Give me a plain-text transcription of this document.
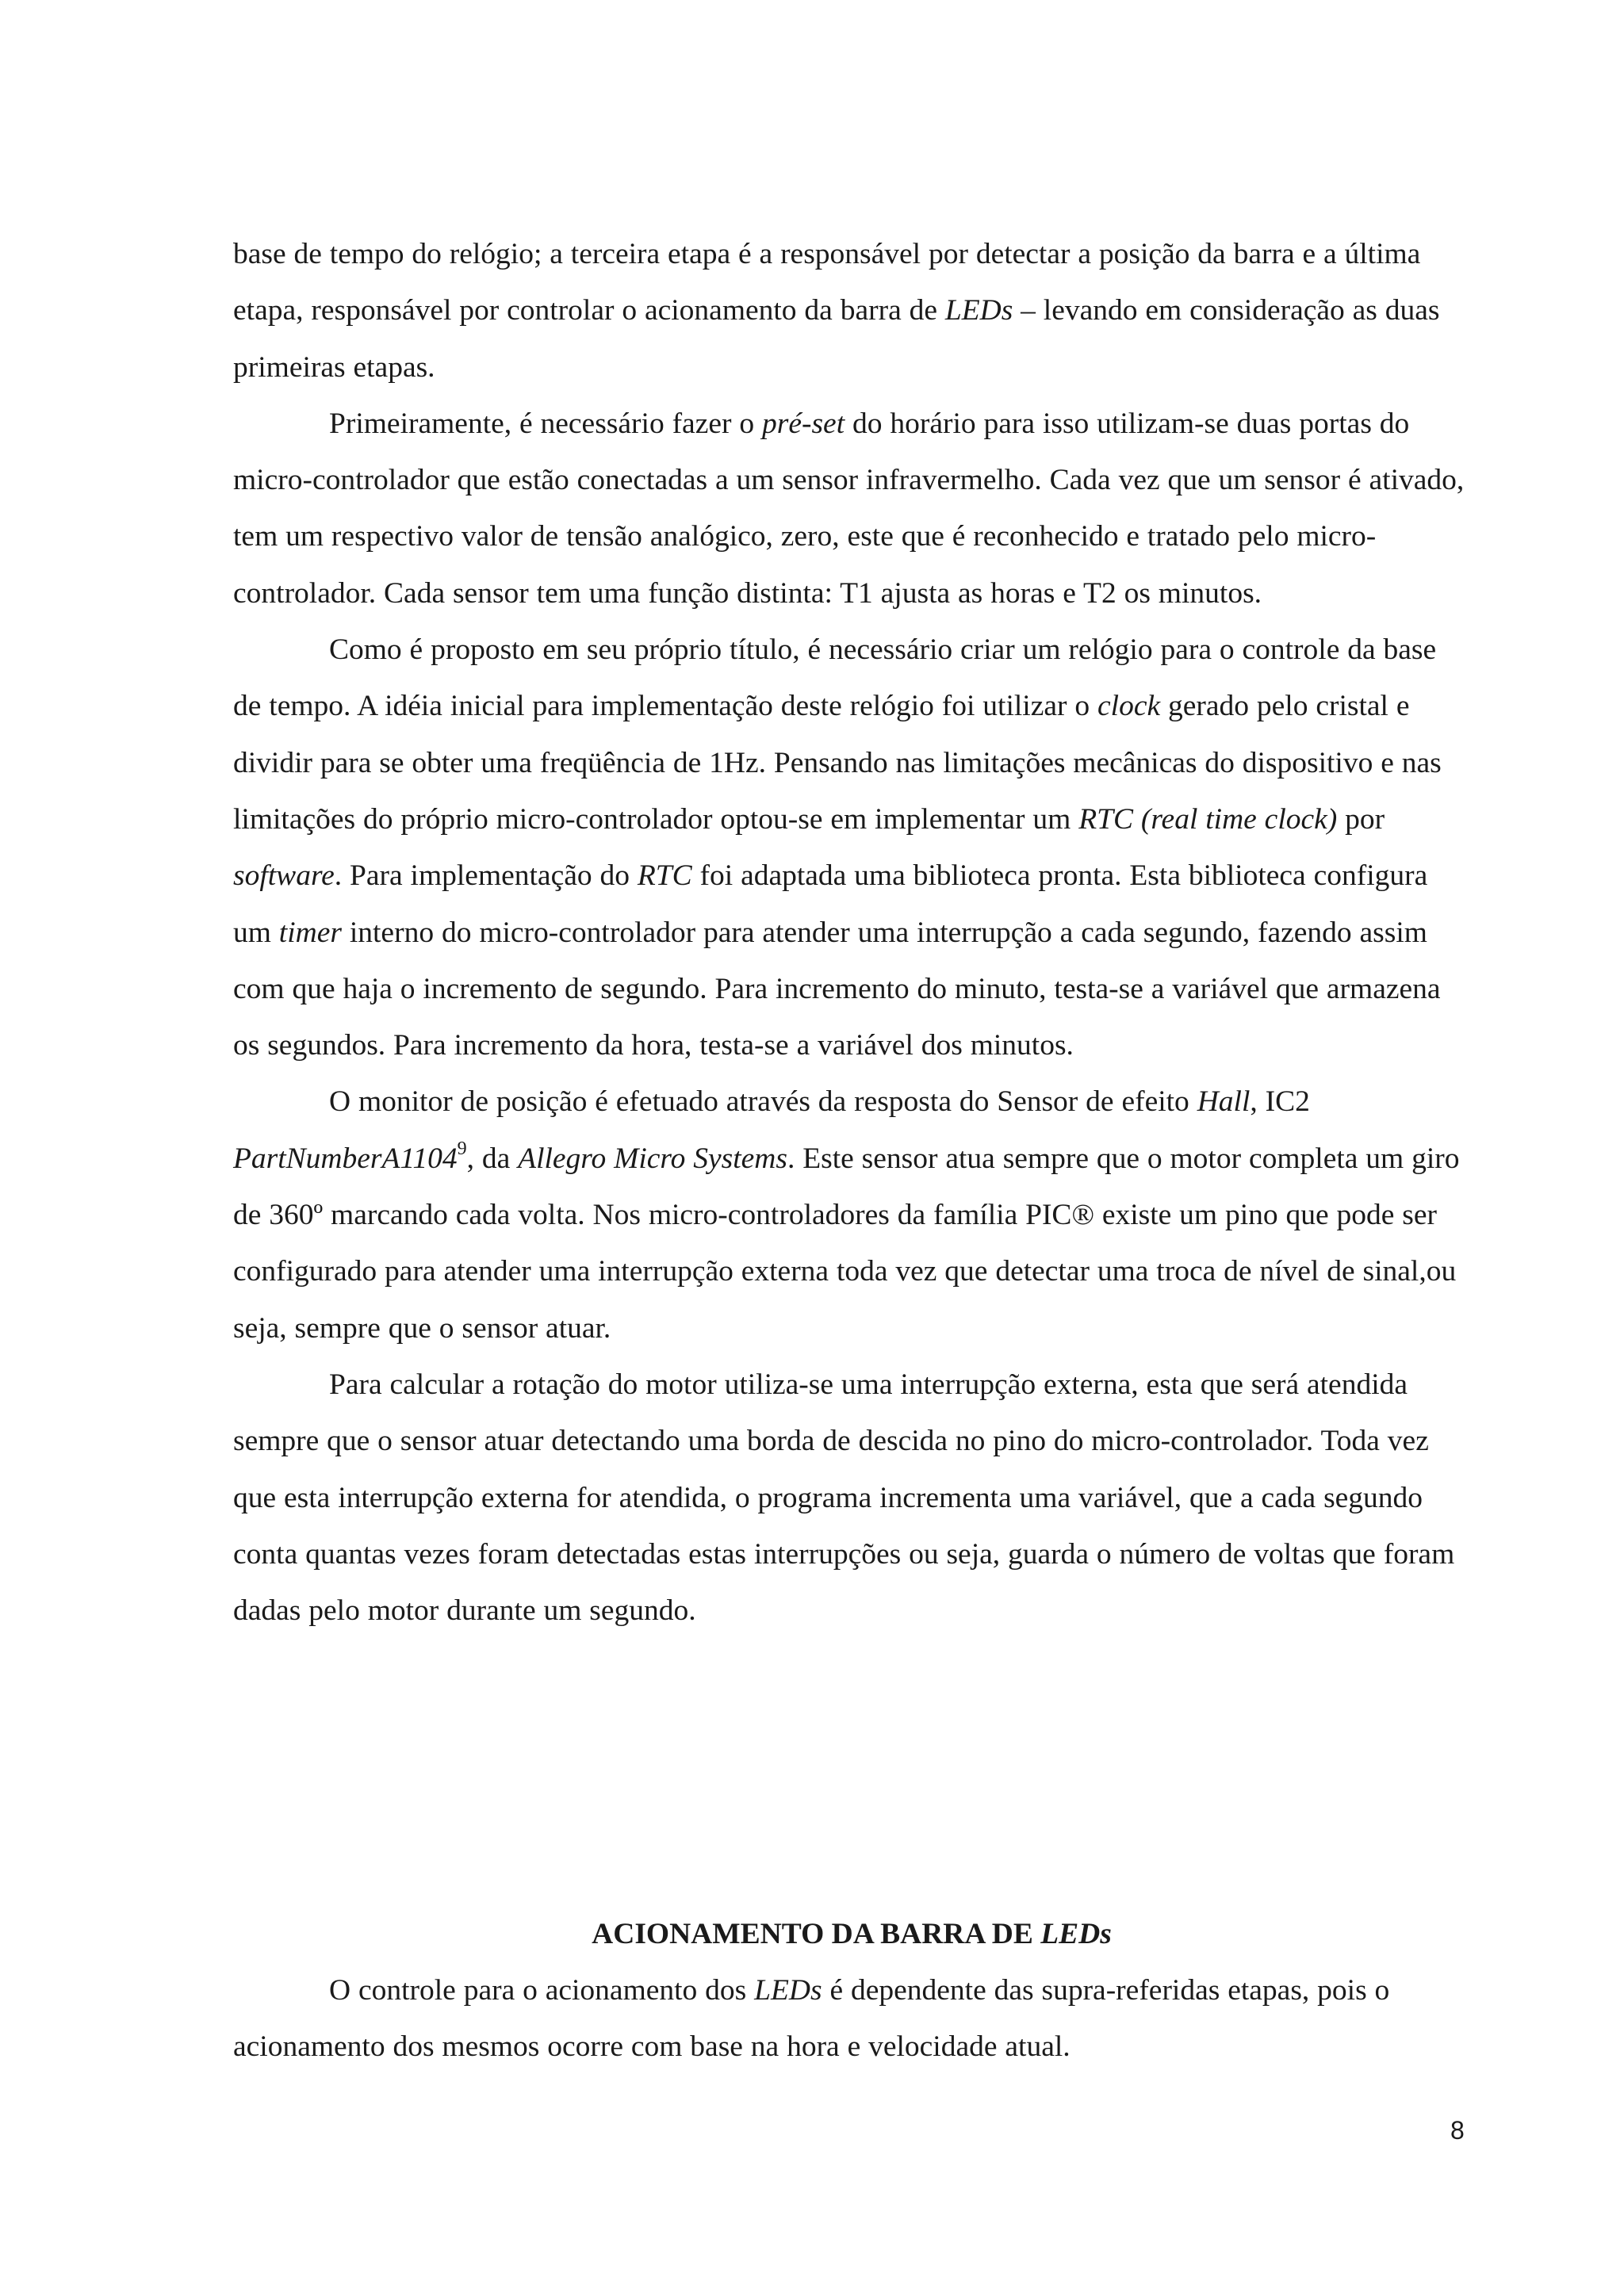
base de tempo do relógio; a terceira etapa é a responsável por detectar a posição da barra e a última etapa, responsável por controlar o acionamento da barra de LEDs – levando em consideração as duas primeiras etapas.

Primeiramente, é necessário fazer o pré-set do horário para isso utilizam-se duas portas do micro-controlador que estão conectadas a um sensor infravermelho. Cada vez que um sensor é ativado, tem um respectivo valor de tensão analógico, zero, este que é reconhecido e tratado pelo micro-controlador. Cada sensor tem uma função distinta: T1 ajusta as horas e T2 os minutos.

Como é proposto em seu próprio título, é necessário criar um relógio para o controle da base de tempo. A idéia inicial para implementação deste relógio foi utilizar o clock gerado pelo cristal e dividir para se obter uma freqüência de 1Hz. Pensando nas limitações mecânicas do dispositivo e nas limitações do próprio micro-controlador optou-se em implementar um RTC (real time clock) por software. Para implementação do RTC foi adaptada uma biblioteca pronta. Esta biblioteca configura um timer interno do micro-controlador para atender uma interrupção a cada segundo, fazendo assim com que haja o incremento de segundo. Para incremento do minuto, testa-se a variável que armazena os segundos. Para incremento da hora, testa-se a variável dos minutos.

O monitor de posição é efetuado através da resposta do Sensor de efeito Hall, IC2 PartNumberA1104$^9$, da Allegro Micro Systems. Este sensor atua sempre que o motor completa um giro de 360º marcando cada volta. Nos micro-controladores da família PIC® existe um pino que pode ser configurado para atender uma interrupção externa toda vez que detectar uma troca de nível de sinal,ou seja, sempre que o sensor atuar.

Para calcular a rotação do motor utiliza-se uma interrupção externa, esta que será atendida sempre que o sensor atuar detectando uma borda de descida no pino do micro-controlador. Toda vez que esta interrupção externa for atendida, o programa incrementa uma variável, que a cada segundo conta quantas vezes foram detectadas estas interrupções ou seja, guarda o número de voltas que foram dadas pelo motor durante um segundo.

ACIONAMENTO DA BARRA DE LEDs

O controle para o acionamento dos LEDs é dependente das supra-referidas etapas, pois o acionamento dos mesmos ocorre com base na hora e velocidade atual.

8
